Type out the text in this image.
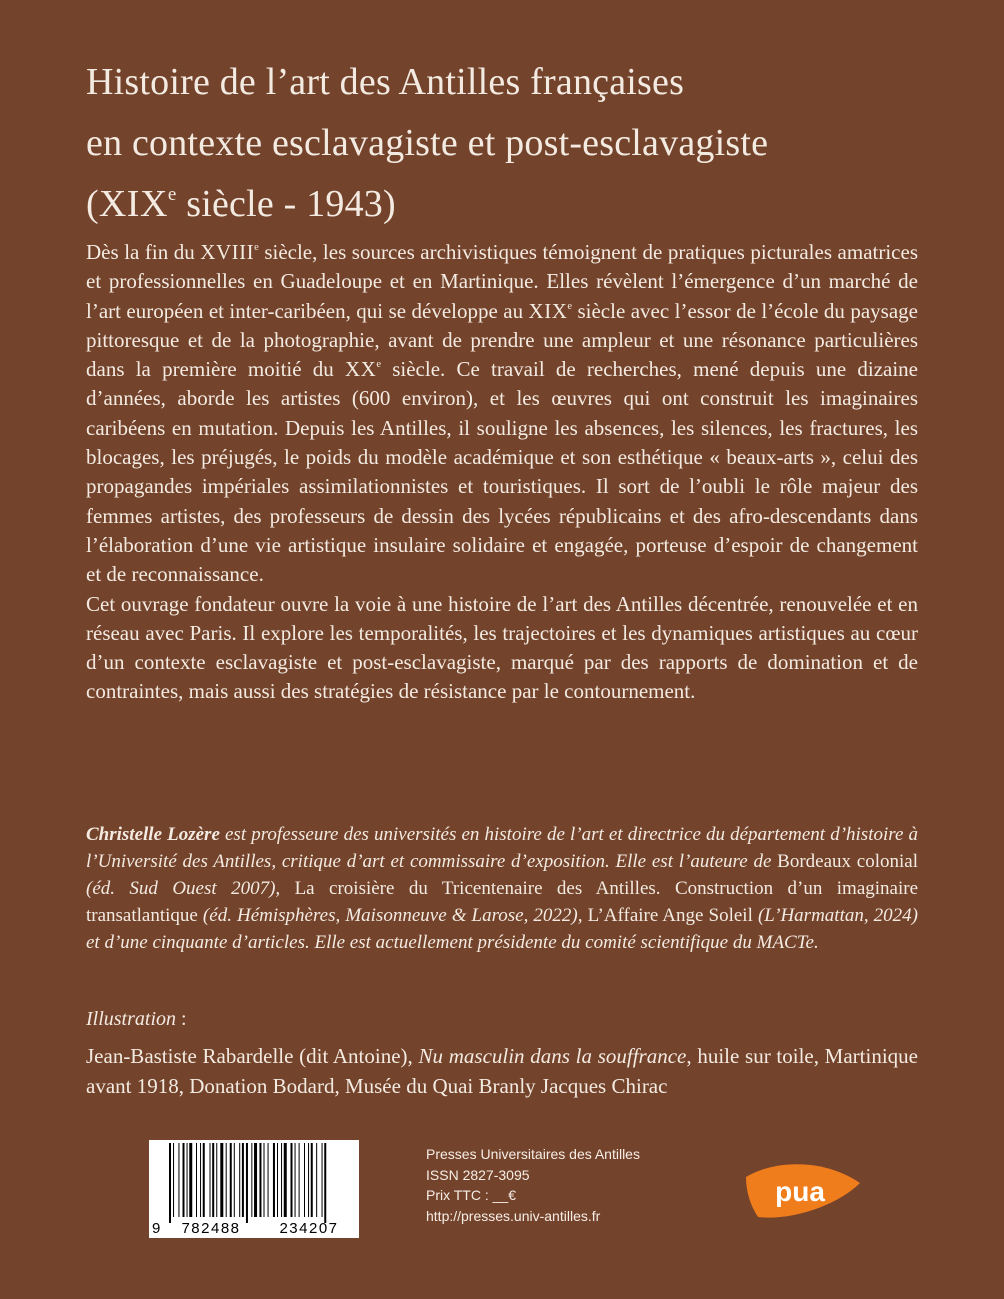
Histoire de l’art des Antilles françaises
en contexte esclavagiste et post-esclavagiste
(XIXe siècle - 1943)

Dès la fin du XVIIIe siècle, les sources archivistiques témoignent de pratiques picturales amatrices et professionnelles en Guadeloupe et en Martinique. Elles révèlent l’émergence d’un marché de l’art européen et inter-caribéen, qui se développe au XIXe siècle avec l’essor de l’école du paysage pittoresque et de la photographie, avant de prendre une ampleur et une résonance particulières dans la première moitié du XXe siècle. Ce travail de recherches, mené depuis une dizaine d’années, aborde les artistes (600 environ), et les œuvres qui ont construit les imaginaires caribéens en mutation. Depuis les Antilles, il souligne les absences, les silences, les fractures, les blocages, les préjugés, le poids du modèle académique et son esthétique « beaux-arts », celui des propagandes impériales assimilationnistes et touristiques. Il sort de l’oubli le rôle majeur des femmes artistes, des professeurs de dessin des lycées républicains et des afro-descendants dans l’élaboration d’une vie artistique insulaire solidaire et engagée, porteuse d’espoir de changement et de reconnaissance.

Cet ouvrage fondateur ouvre la voie à une histoire de l’art des Antilles décentrée, renouvelée et en réseau avec Paris. Il explore les temporalités, les trajectoires et les dynamiques artistiques au cœur d’un contexte esclavagiste et post-esclavagiste, marqué par des rapports de domination et de contraintes, mais aussi des stratégies de résistance par le contournement.

Christelle Lozère est professeure des universités en histoire de l’art et directrice du département d’histoire à l’Université des Antilles, critique d’art et commissaire d’exposition. Elle est l’auteure de Bordeaux colonial (éd. Sud Ouest 2007), La croisière du Tricentenaire des Antilles. Construction d’un imaginaire transatlantique (éd. Hémisphères, Maisonneuve & Larose, 2022), L’Affaire Ange Soleil (L’Harmattan, 2024) et d’une cinquante d’articles. Elle est actuellement présidente du comité scientifique du MACTe.
Illustration :
Jean-Bastiste Rabardelle (dit Antoine), Nu masculin dans la souffrance, huile sur toile, Martinique avant 1918, Donation Bodard, Musée du Quai Branly Jacques Chirac
9 782488	234207
Presses Universitaires des Antilles
ISSN 2827-3095
Prix TTC : __€
http://presses.univ-antilles.fr
pua
